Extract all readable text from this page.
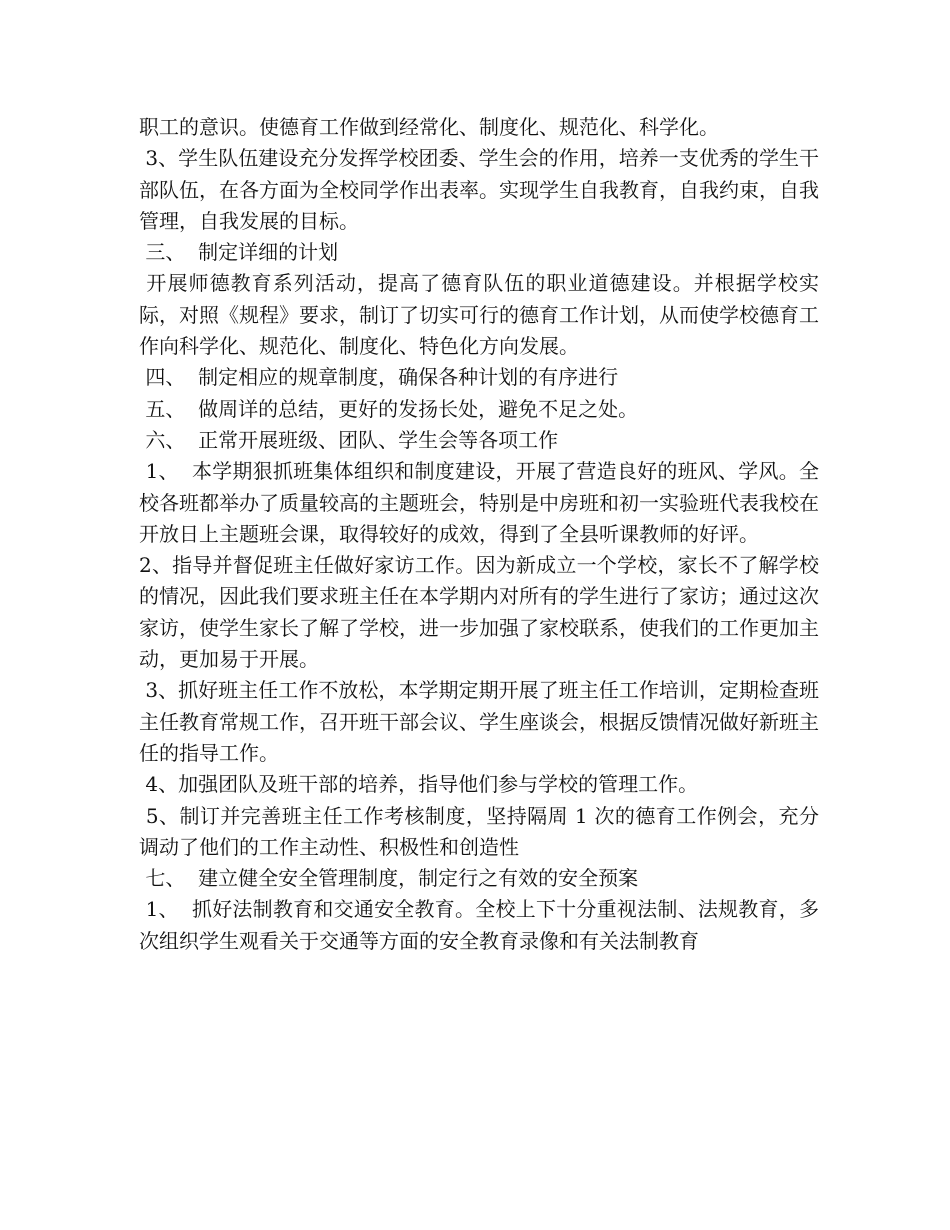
职工的意识。使德育工作做到经常化、制度化、规范化、科学化。

3、学生队伍建设充分发挥学校团委、学生会的作用，培养一支优秀的学生干部队伍，在各方面为全校同学作出表率。实现学生自我教育，自我约束，自我管理，自我发展的目标。

三、  制定详细的计划

开展师德教育系列活动，提高了德育队伍的职业道德建设。并根据学校实际，对照《规程》要求，制订了切实可行的德育工作计划，从而使学校德育工作向科学化、规范化、制度化、特色化方向发展。

四、  制定相应的规章制度，确保各种计划的有序进行

五、  做周详的总结，更好的发扬长处，避免不足之处。

六、  正常开展班级、团队、学生会等各项工作

1、  本学期狠抓班集体组织和制度建设，开展了营造良好的班风、学风。全校各班都举办了质量较高的主题班会，特别是中房班和初一实验班代表我校在开放日上主题班会课，取得较好的成效，得到了全县听课教师的好评。

2、指导并督促班主任做好家访工作。因为新成立一个学校，家长不了解学校的情况，因此我们要求班主任在本学期内对所有的学生进行了家访；通过这次家访，使学生家长了解了学校，进一步加强了家校联系，使我们的工作更加主动，更加易于开展。

3、抓好班主任工作不放松，本学期定期开展了班主任工作培训，定期检查班主任教育常规工作，召开班干部会议、学生座谈会，根据反馈情况做好新班主任的指导工作。

4、加强团队及班干部的培养，指导他们参与学校的管理工作。

5、制订并完善班主任工作考核制度，坚持隔周 1 次的德育工作例会，充分调动了他们的工作主动性、积极性和创造性

七、  建立健全安全管理制度，制定行之有效的安全预案

1、  抓好法制教育和交通安全教育。全校上下十分重视法制、法规教育，多次组织学生观看关于交通等方面的安全教育录像和有关法制教育
